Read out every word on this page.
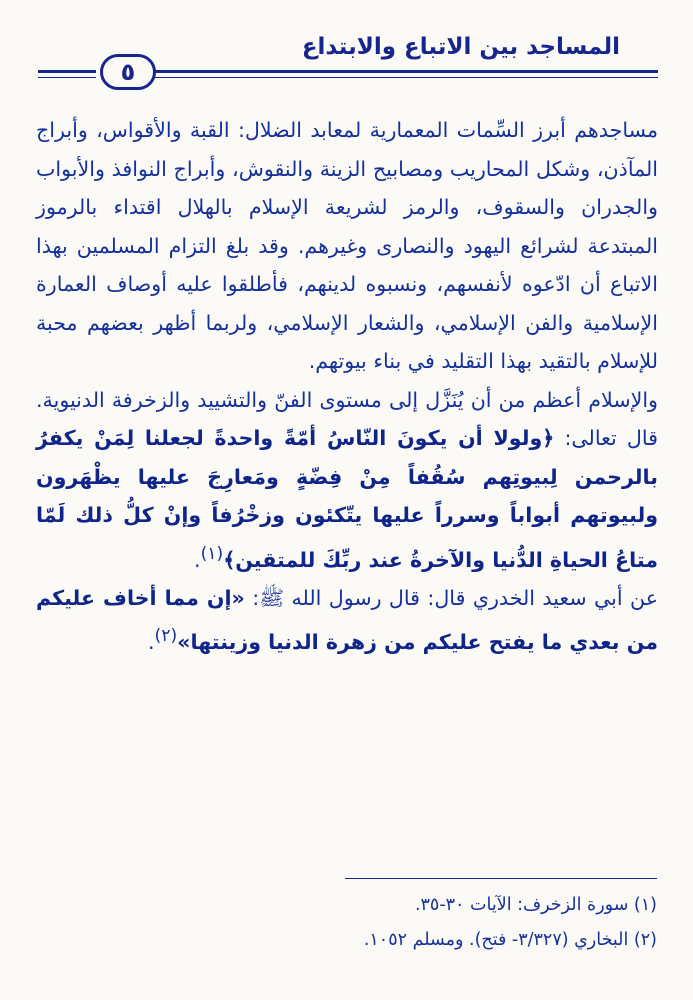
المساجد بين الاتباع والابتداع
٥

مساجدهم أبرز السِّمات المعمارية لمعابد الضلال: القبة والأقواس، وأبراج المآذن، وشكل المحاريب ومصابيح الزينة والنقوش، وأبراج النوافذ والأبواب والجدران والسقوف، والرمز لشريعة الإسلام بالهلال اقتداء بالرموز المبتدعة لشرائع اليهود والنصارى وغيرهم. وقد بلغ التزام المسلمين بهذا الاتباع أن ادّعوه لأنفسهم، ونسبوه لدينهم، فأطلقوا عليه أوصاف العمارة الإسلامية والفن الإسلامي، والشعار الإسلامي، ولربما أظهر بعضهم محبة للإسلام بالتقيد بهذا التقليد في بناء بيوتهم.

والإسلام أعظم من أن يُنَزَّل إلى مستوى الفنّ والتشييد والزخرفة الدنيوية. قال تعالى: ﴿ولولا أن يكونَ النّاسُ أمّةً واحدةً لجعلنا لِمَنْ يكفرُ بالرحمن لِبيوتِهم سُقُفاً مِنْ فِضّةٍ ومَعارِجَ عليها يظْهَرون ولبيوتهم أبواباً وسرراً عليها يتّكئون وزخْرُفاً وإنْ كلُّ ذلك لَمّا متاعُ الحياةِ الدُّنيا والآخرةُ عند ربِّكَ للمتقين﴾$^{(١)}$.

عن أبي سعيد الخدري قال: قال رسول الله ﷺ: «إن مما أخاف عليكم من بعدي ما يفتح عليكم من زهرة الدنيا وزينتها»$^{(٢)}$.

(١) سورة الزخرف: الآيات ٣٠-٣٥.
(٢) البخاري (٣/٣٢٧- فتح). ومسلم ١٠٥٢.
